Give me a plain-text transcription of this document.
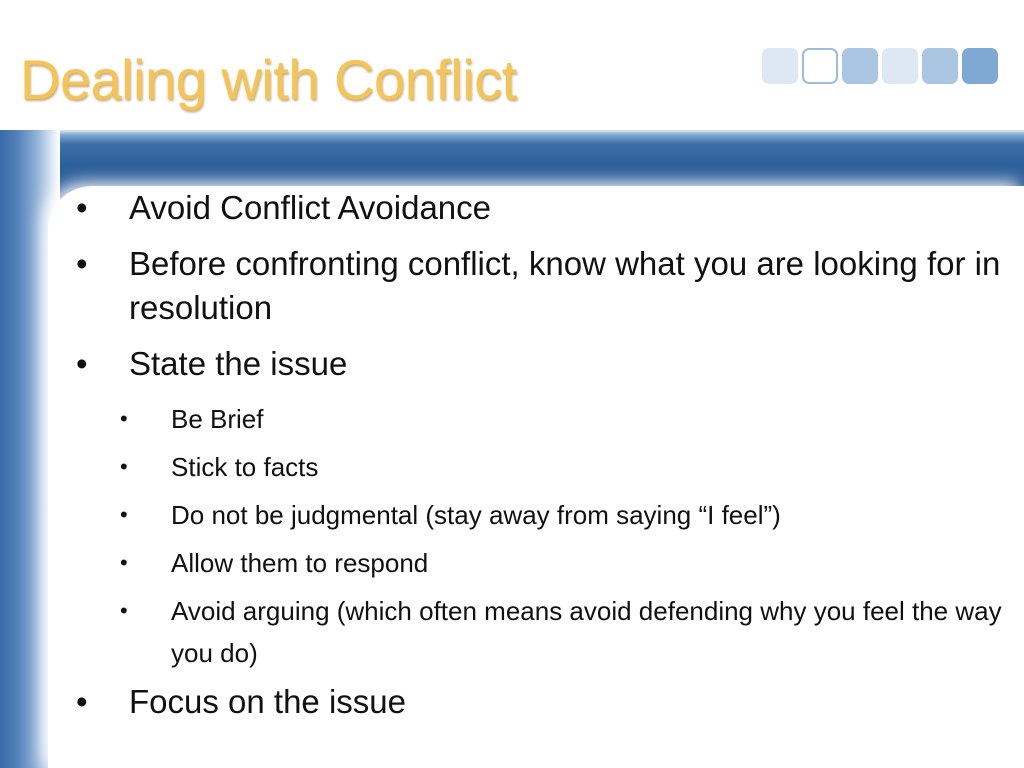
Dealing with Conflict
• Avoid Conflict Avoidance
• Before confronting conflict, know what you are looking for in resolution
• State the issue
• Be Brief
• Stick to facts
• Do not be judgmental (stay away from saying “I feel”)
• Allow them to respond
• Avoid arguing (which often means avoid defending why you feel the way you do)
• Focus on the issue
